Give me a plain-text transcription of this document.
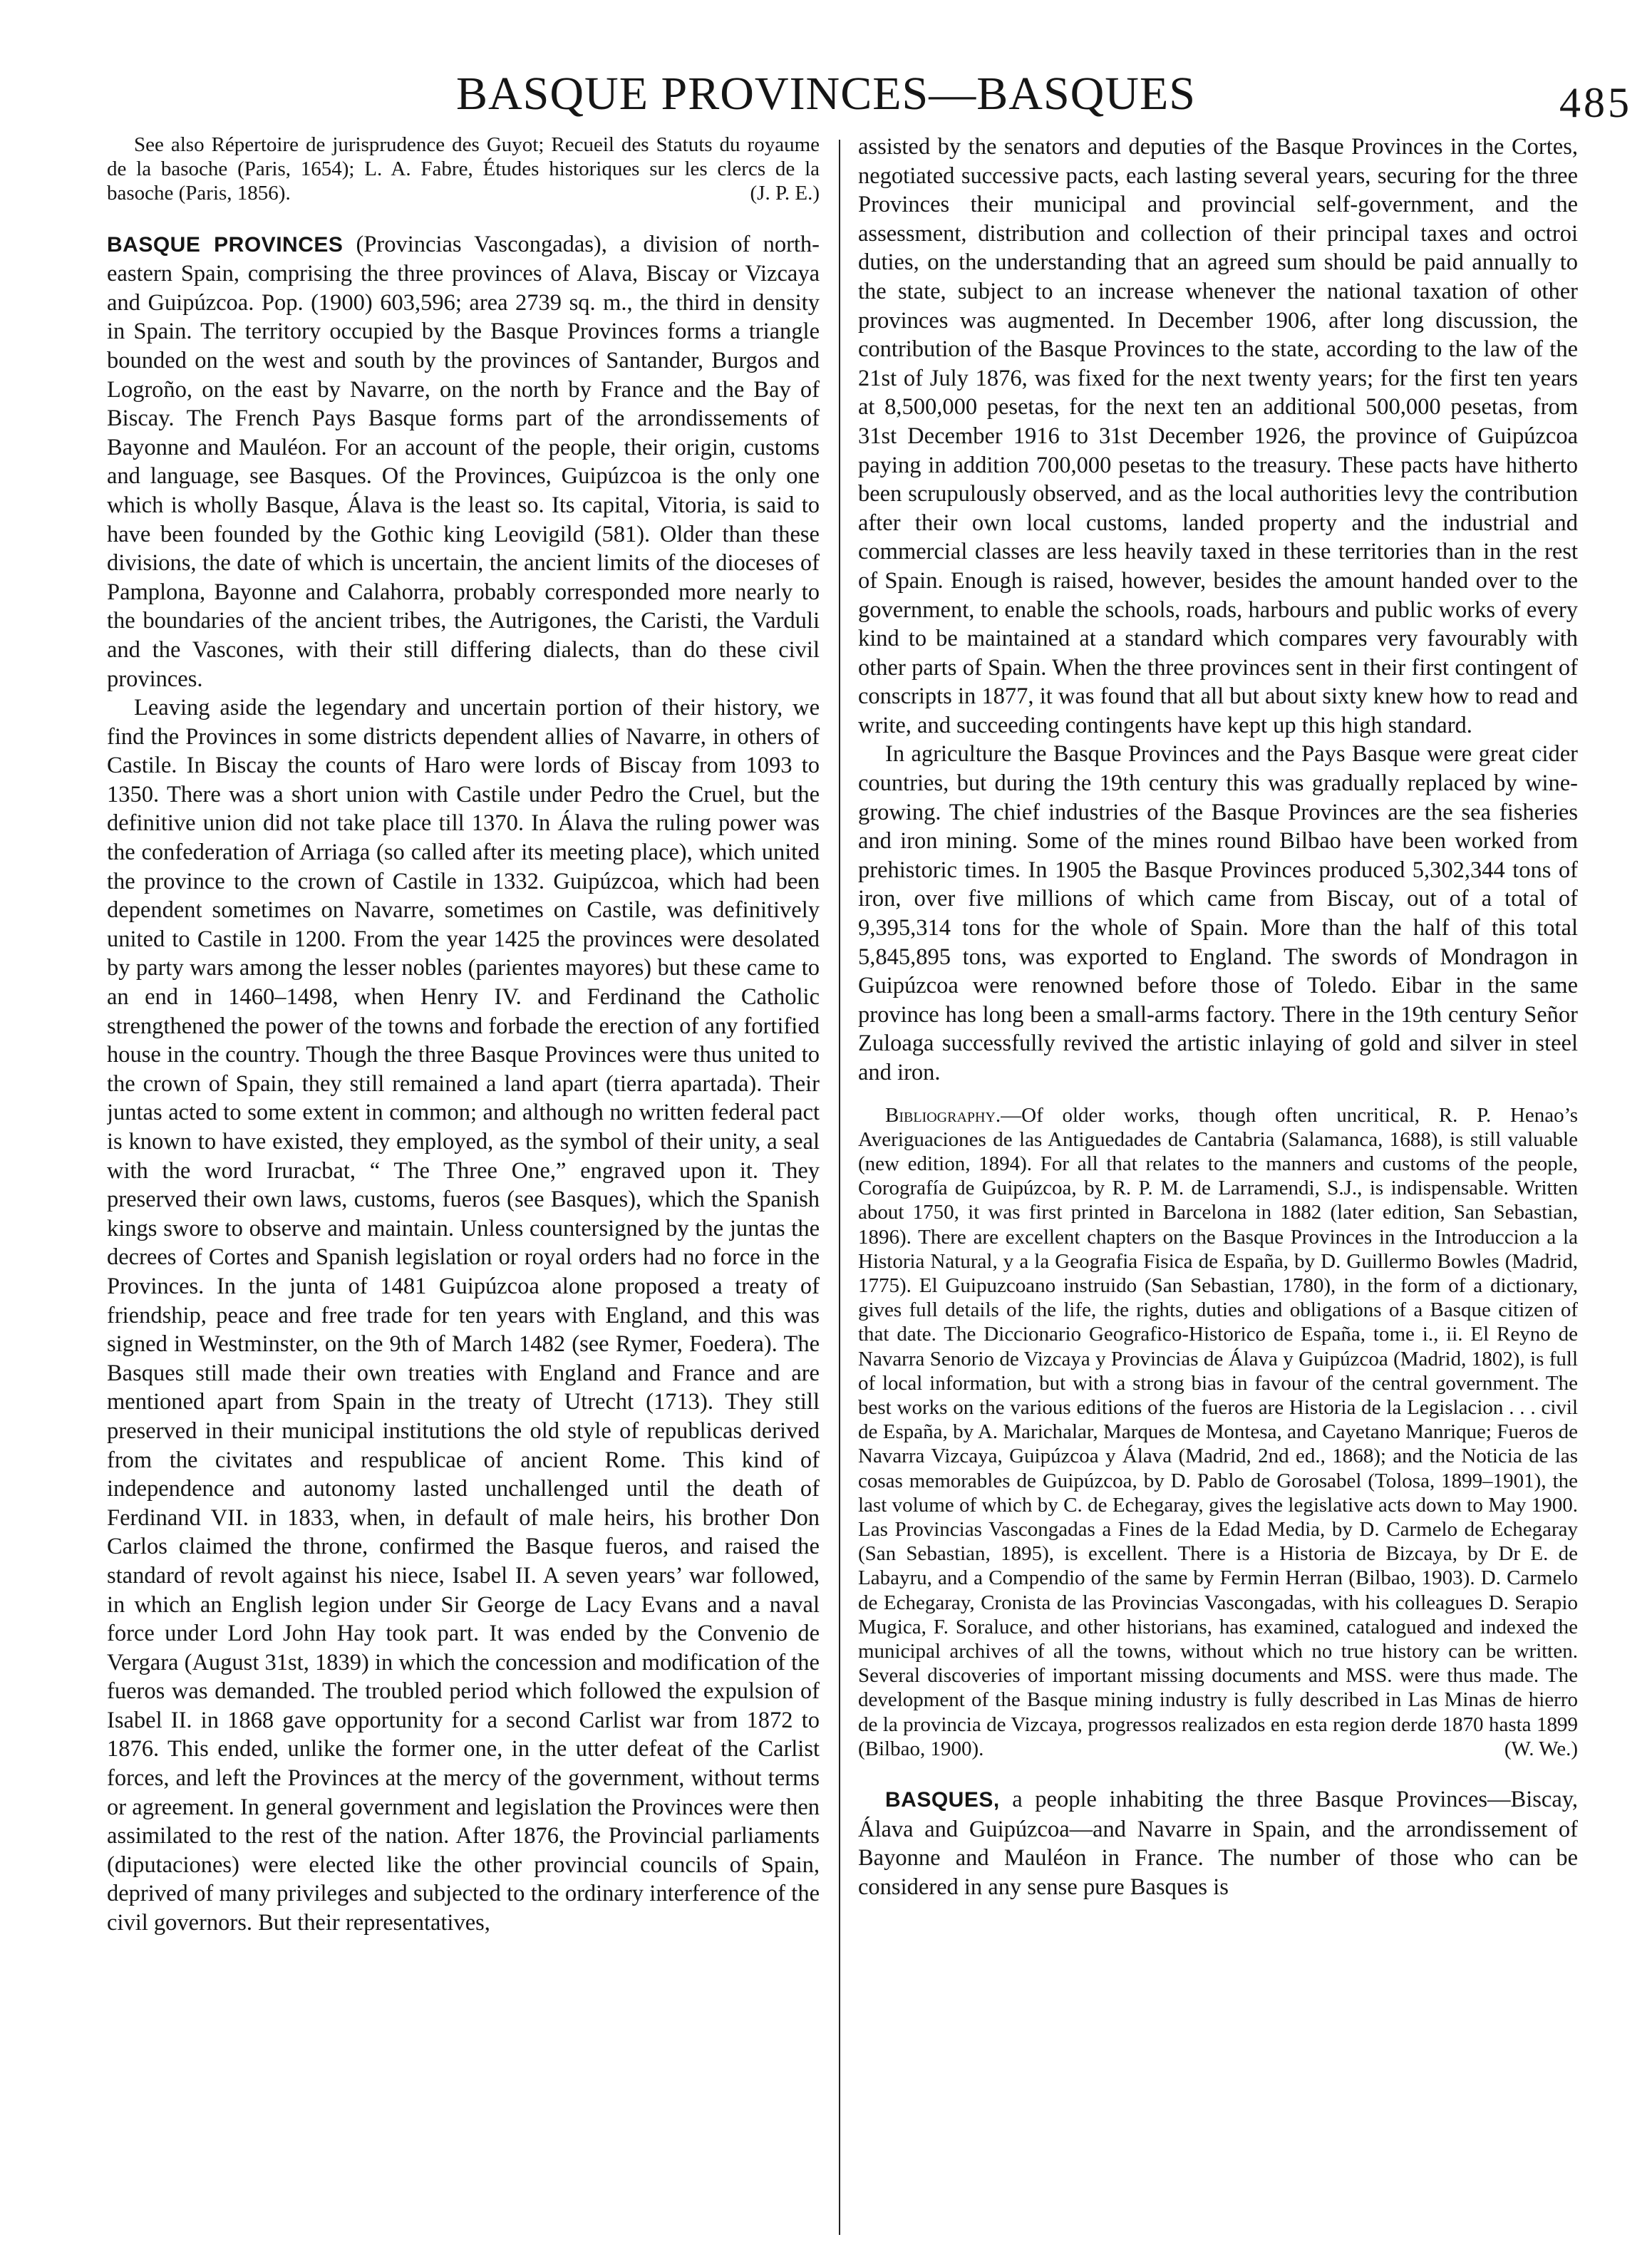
BASQUE PROVINCES—BASQUES	485

See also Répertoire de jurisprudence des Guyot; Recueil des Statuts du royaume de la basoche (Paris, 1654); L. A. Fabre, Études historiques sur les clercs de la basoche (Paris, 1856).	(J. P. E.)

BASQUE PROVINCES (Provincias Vascongadas), a division of north-eastern Spain, comprising the three provinces of Alava, Biscay or Vizcaya and Guipúzcoa. Pop. (1900) 603,596; area 2739 sq. m., the third in density in Spain. The territory occupied by the Basque Provinces forms a triangle bounded on the west and south by the provinces of Santander, Burgos and Logroño, on the east by Navarre, on the north by France and the Bay of Biscay. The French Pays Basque forms part of the arrondissements of Bayonne and Mauléon. For an account of the people, their origin, customs and language, see Basques. Of the Provinces, Guipúzcoa is the only one which is wholly Basque, Álava is the least so. Its capital, Vitoria, is said to have been founded by the Gothic king Leovigild (581). Older than these divisions, the date of which is uncertain, the ancient limits of the dioceses of Pamplona, Bayonne and Calahorra, probably corresponded more nearly to the boundaries of the ancient tribes, the Autrigones, the Caristi, the Varduli and the Vascones, with their still differing dialects, than do these civil provinces.

Leaving aside the legendary and uncertain portion of their history, we find the Provinces in some districts dependent allies of Navarre, in others of Castile. In Biscay the counts of Haro were lords of Biscay from 1093 to 1350. There was a short union with Castile under Pedro the Cruel, but the definitive union did not take place till 1370. In Álava the ruling power was the confederation of Arriaga (so called after its meeting place), which united the province to the crown of Castile in 1332. Guipúzcoa, which had been dependent sometimes on Navarre, sometimes on Castile, was definitively united to Castile in 1200. From the year 1425 the provinces were desolated by party wars among the lesser nobles (parientes mayores) but these came to an end in 1460–1498, when Henry IV. and Ferdinand the Catholic strengthened the power of the towns and forbade the erection of any fortified house in the country. Though the three Basque Provinces were thus united to the crown of Spain, they still remained a land apart (tierra apartada). Their juntas acted to some extent in common; and although no written federal pact is known to have existed, they employed, as the symbol of their unity, a seal with the word Iruracbat, “ The Three One,” engraved upon it. They preserved their own laws, customs, fueros (see Basques), which the Spanish kings swore to observe and maintain. Unless countersigned by the juntas the decrees of Cortes and Spanish legislation or royal orders had no force in the Provinces. In the junta of 1481 Guipúzcoa alone proposed a treaty of friendship, peace and free trade for ten years with England, and this was signed in Westminster, on the 9th of March 1482 (see Rymer, Foedera). The Basques still made their own treaties with England and France and are mentioned apart from Spain in the treaty of Utrecht (1713). They still preserved in their municipal institutions the old style of republicas derived from the civitates and respublicae of ancient Rome. This kind of independence and autonomy lasted unchallenged until the death of Ferdinand VII. in 1833, when, in default of male heirs, his brother Don Carlos claimed the throne, confirmed the Basque fueros, and raised the standard of revolt against his niece, Isabel II. A seven years’ war followed, in which an English legion under Sir George de Lacy Evans and a naval force under Lord John Hay took part. It was ended by the Convenio de Vergara (August 31st, 1839) in which the concession and modification of the fueros was demanded. The troubled period which followed the expulsion of Isabel II. in 1868 gave opportunity for a second Carlist war from 1872 to 1876. This ended, unlike the former one, in the utter defeat of the Carlist forces, and left the Provinces at the mercy of the government, without terms or agreement. In general government and legislation the Provinces were then assimilated to the rest of the nation. After 1876, the Provincial parliaments (diputaciones) were elected like the other provincial councils of Spain, deprived of many privileges and subjected to the ordinary interference of the civil governors. But their representatives,

assisted by the senators and deputies of the Basque Provinces in the Cortes, negotiated successive pacts, each lasting several years, securing for the three Provinces their municipal and provincial self-government, and the assessment, distribution and collection of their principal taxes and octroi duties, on the understanding that an agreed sum should be paid annually to the state, subject to an increase whenever the national taxation of other provinces was augmented. In December 1906, after long discussion, the contribution of the Basque Provinces to the state, according to the law of the 21st of July 1876, was fixed for the next twenty years; for the first ten years at 8,500,000 pesetas, for the next ten an additional 500,000 pesetas, from 31st December 1916 to 31st December 1926, the province of Guipúzcoa paying in addition 700,000 pesetas to the treasury. These pacts have hitherto been scrupulously observed, and as the local authorities levy the contribution after their own local customs, landed property and the industrial and commercial classes are less heavily taxed in these territories than in the rest of Spain. Enough is raised, however, besides the amount handed over to the government, to enable the schools, roads, harbours and public works of every kind to be maintained at a standard which compares very favourably with other parts of Spain. When the three provinces sent in their first contingent of conscripts in 1877, it was found that all but about sixty knew how to read and write, and succeeding contingents have kept up this high standard.

In agriculture the Basque Provinces and the Pays Basque were great cider countries, but during the 19th century this was gradually replaced by wine-growing. The chief industries of the Basque Provinces are the sea fisheries and iron mining. Some of the mines round Bilbao have been worked from prehistoric times. In 1905 the Basque Provinces produced 5,302,344 tons of iron, over five millions of which came from Biscay, out of a total of 9,395,314 tons for the whole of Spain. More than the half of this total 5,845,895 tons, was exported to England. The swords of Mondragon in Guipúzcoa were renowned before those of Toledo. Eibar in the same province has long been a small-arms factory. There in the 19th century Señor Zuloaga successfully revived the artistic inlaying of gold and silver in steel and iron.

Bibliography.—Of older works, though often uncritical, R. P. Henao’s Averiguaciones de las Antiguedades de Cantabria (Salamanca, 1688), is still valuable (new edition, 1894). For all that relates to the manners and customs of the people, Corografía de Guipúzcoa, by R. P. M. de Larramendi, S.J., is indispensable. Written about 1750, it was first printed in Barcelona in 1882 (later edition, San Sebastian, 1896). There are excellent chapters on the Basque Provinces in the Introduccion a la Historia Natural, y a la Geografia Fisica de España, by D. Guillermo Bowles (Madrid, 1775). El Guipuzcoano instruido (San Sebastian, 1780), in the form of a dictionary, gives full details of the life, the rights, duties and obligations of a Basque citizen of that date. The Diccionario Geografico-Historico de España, tome i., ii. El Reyno de Navarra Senorio de Vizcaya y Provincias de Álava y Guipúzcoa (Madrid, 1802), is full of local information, but with a strong bias in favour of the central government. The best works on the various editions of the fueros are Historia de la Legislacion . . . civil de España, by A. Marichalar, Marques de Montesa, and Cayetano Manrique; Fueros de Navarra Vizcaya, Guipúzcoa y Álava (Madrid, 2nd ed., 1868); and the Noticia de las cosas memorables de Guipúzcoa, by D. Pablo de Gorosabel (Tolosa, 1899–1901), the last volume of which by C. de Echegaray, gives the legislative acts down to May 1900. Las Provincias Vascongadas a Fines de la Edad Media, by D. Carmelo de Echegaray (San Sebastian, 1895), is excellent. There is a Historia de Bizcaya, by Dr E. de Labayru, and a Compendio of the same by Fermin Herran (Bilbao, 1903). D. Carmelo de Echegaray, Cronista de las Provincias Vascongadas, with his colleagues D. Serapio Mugica, F. Soraluce, and other historians, has examined, catalogued and indexed the municipal archives of all the towns, without which no true history can be written. Several discoveries of important missing documents and MSS. were thus made. The development of the Basque mining industry is fully described in Las Minas de hierro de la provincia de Vizcaya, progressos realizados en esta region derde 1870 hasta 1899 (Bilbao, 1900).	(W. We.)

BASQUES, a people inhabiting the three Basque Provinces—Biscay, Álava and Guipúzcoa—and Navarre in Spain, and the arrondissement of Bayonne and Mauléon in France. The number of those who can be considered in any sense pure Basques is
